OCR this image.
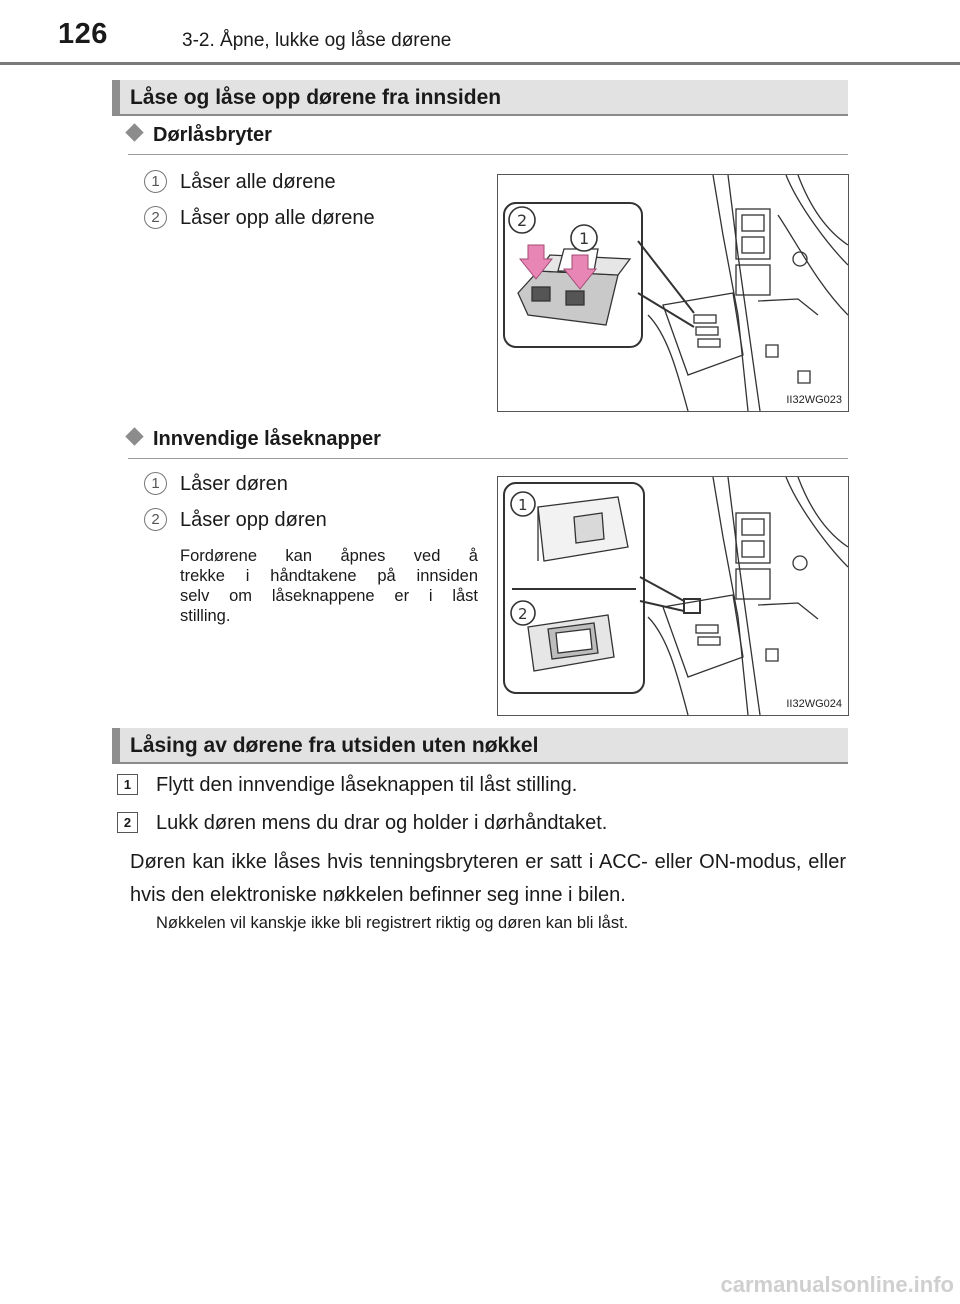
126	3-2. Åpne, lukke og låse dørene
Låse og låse opp dørene fra innsiden
Dørlåsbryter
1	Låser alle dørene
2	Låser opp alle dørene	2
1
II32WG023
Innvendige låseknapper
1	Låser døren
2	Låser opp døren
Fordørene kan åpnes ved å
trekke i håndtakene på innsiden
selv om låseknappene er i låst
stilling.
1
2
II32WG024
Låsing av dørene fra utsiden uten nøkkel
1	Flytt den innvendige låseknappen til låst stilling.
2	Lukk døren mens du drar og holder i dørhåndtaket.
Døren kan ikke låses hvis tenningsbryteren er satt i ACC- eller ON-modus, eller hvis den elektroniske nøkkelen befinner seg inne i bilen.
Nøkkelen vil kanskje ikke bli registrert riktig og døren kan bli låst.
carmanualsonline.info
